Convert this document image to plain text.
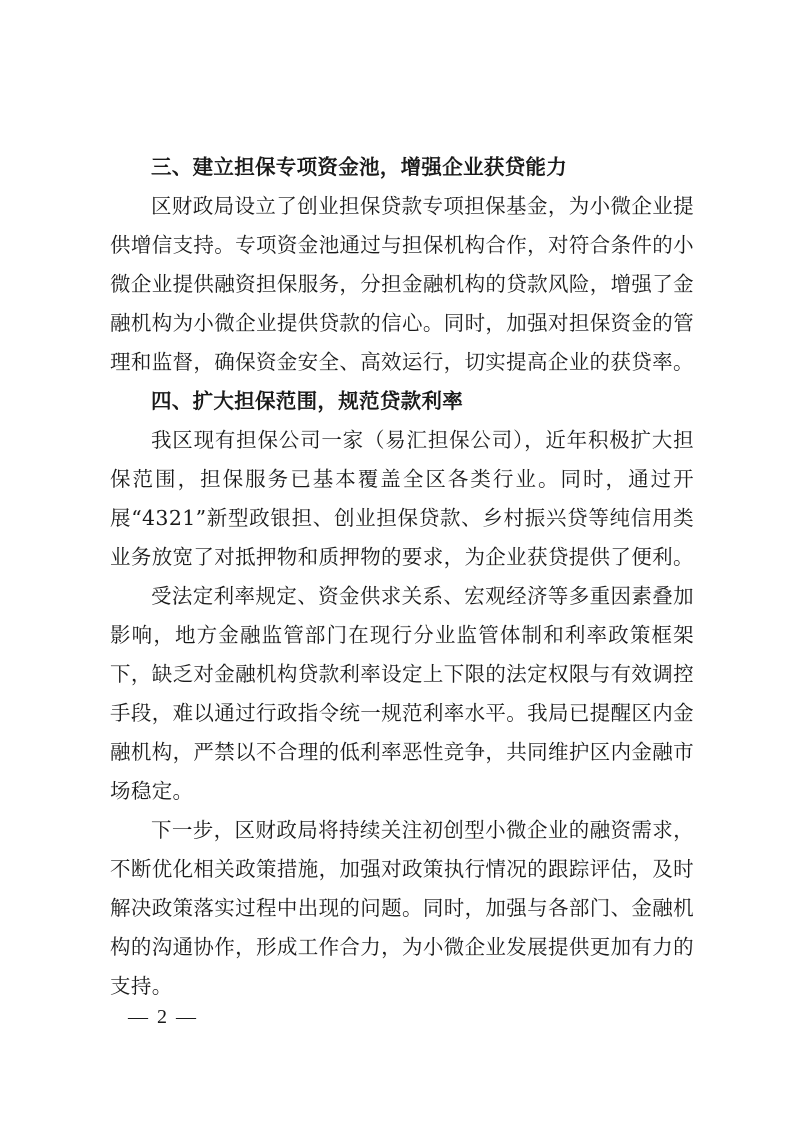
三、建立担保专项资金池，增强企业获贷能力

区财政局设立了创业担保贷款专项担保基金，为小微企业提供增信支持。专项资金池通过与担保机构合作，对符合条件的小微企业提供融资担保服务，分担金融机构的贷款风险，增强了金融机构为小微企业提供贷款的信心。同时，加强对担保资金的管理和监督，确保资金安全、高效运行，切实提高企业的获贷率。

四、扩大担保范围，规范贷款利率

我区现有担保公司一家（易汇担保公司），近年积极扩大担保范围，担保服务已基本覆盖全区各类行业。同时，通过开展“4321”新型政银担、创业担保贷款、乡村振兴贷等纯信用类业务放宽了对抵押物和质押物的要求，为企业获贷提供了便利。

受法定利率规定、资金供求关系、宏观经济等多重因素叠加影响，地方金融监管部门在现行分业监管体制和利率政策框架下，缺乏对金融机构贷款利率设定上下限的法定权限与有效调控手段，难以通过行政指令统一规范利率水平。我局已提醒区内金融机构，严禁以不合理的低利率恶性竞争，共同维护区内金融市场稳定。

下一步，区财政局将持续关注初创型小微企业的融资需求，不断优化相关政策措施，加强对政策执行情况的跟踪评估，及时解决政策落实过程中出现的问题。同时，加强与各部门、金融机构的沟通协作，形成工作合力，为小微企业发展提供更加有力的支持。

— 2 —
